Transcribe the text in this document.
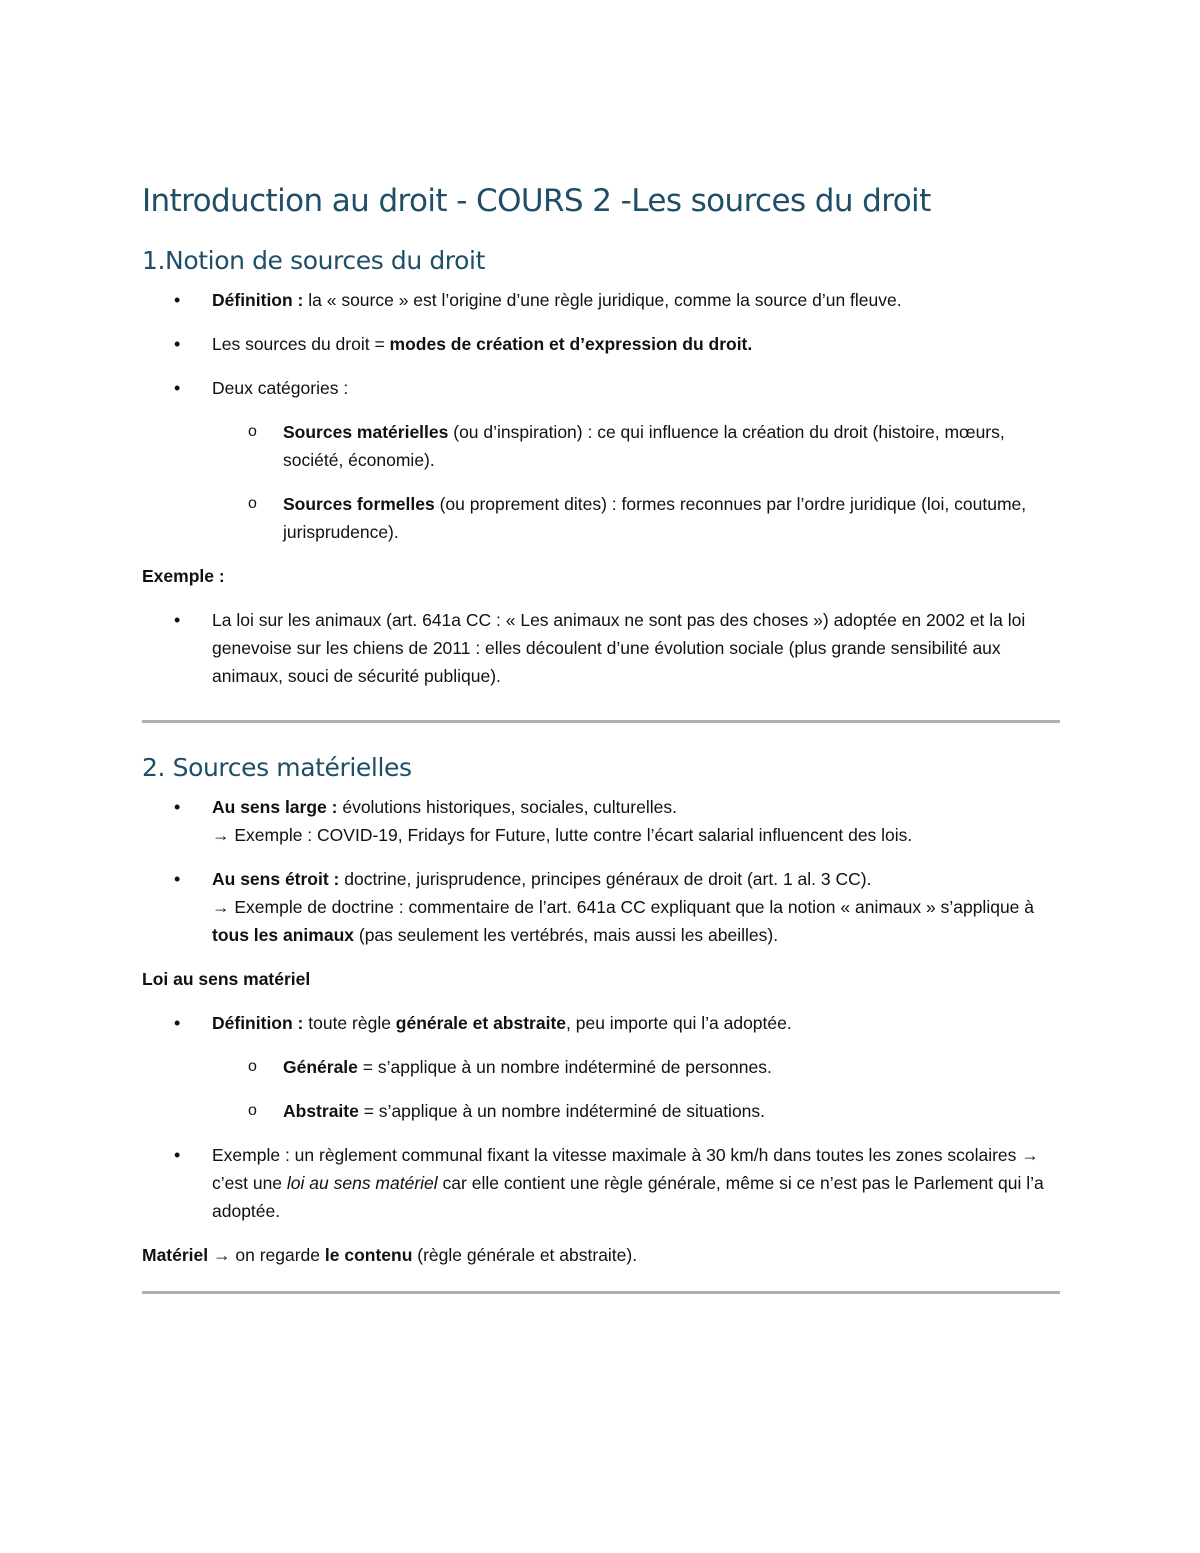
Introduction au droit - COURS 2 -Les sources du droit
1.Notion de sources du droit
• Définition : la « source » est l’origine d’une règle juridique, comme la source d’un fleuve.
• Les sources du droit = modes de création et d’expression du droit.
• Deux catégories :
o Sources matérielles (ou d’inspiration) : ce qui influence la création du droit (histoire, mœurs, société, économie).
o Sources formelles (ou proprement dites) : formes reconnues par l’ordre juridique (loi, coutume, jurisprudence).

Exemple :

• La loi sur les animaux (art. 641a CC : « Les animaux ne sont pas des choses ») adoptée en 2002 et la loi genevoise sur les chiens de 2011 : elles découlent d’une évolution sociale (plus grande sensibilité aux animaux, souci de sécurité publique).
2. Sources matérielles
• Au sens large : évolutions historiques, sociales, culturelles.
→ Exemple : COVID-19, Fridays for Future, lutte contre l’écart salarial influencent des lois.
• Au sens étroit : doctrine, jurisprudence, principes généraux de droit (art. 1 al. 3 CC).
→ Exemple de doctrine : commentaire de l’art. 641a CC expliquant que la notion « animaux » s’applique à tous les animaux (pas seulement les vertébrés, mais aussi les abeilles).

Loi au sens matériel

• Définition : toute règle générale et abstraite, peu importe qui l’a adoptée.
o Générale = s’applique à un nombre indéterminé de personnes.
o Abstraite = s’applique à un nombre indéterminé de situations.
• Exemple : un règlement communal fixant la vitesse maximale à 30 km/h dans toutes les zones scolaires → c’est une loi au sens matériel car elle contient une règle générale, même si ce n’est pas le Parlement qui l’a adoptée.

Matériel → on regarde le contenu (règle générale et abstraite).
